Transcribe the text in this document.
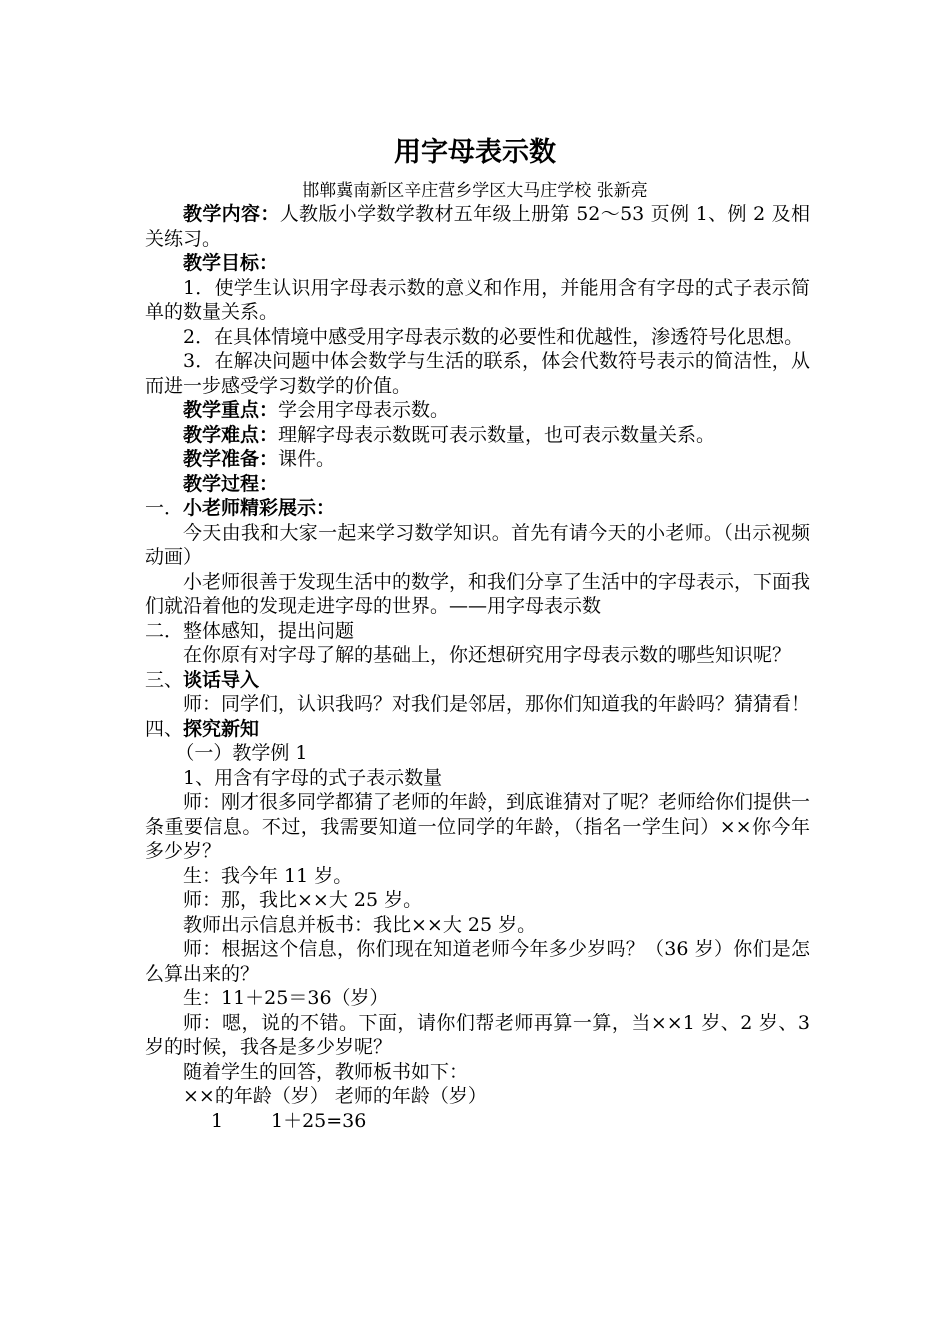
用字母表示数
邯郸冀南新区辛庄营乡学区大马庄学校 张新亮

教学内容：人教版小学数学教材五年级上册第 52～53 页例 1、例 2 及相关练习。

教学目标：

1．使学生认识用字母表示数的意义和作用，并能用含有字母的式子表示简单的数量关系。

2．在具体情境中感受用字母表示数的必要性和优越性，渗透符号化思想。

3．在解决问题中体会数学与生活的联系，体会代数符号表示的简洁性，从而进一步感受学习数学的价值。

教学重点：学会用字母表示数。

教学难点：理解字母表示数既可表示数量，也可表示数量关系。

教学准备：课件。

教学过程：

一．小老师精彩展示：

今天由我和大家一起来学习数学知识。首先有请今天的小老师。（出示视频动画）

小老师很善于发现生活中的数学，和我们分享了生活中的字母表示，下面我们就沿着他的发现走进字母的世界。——用字母表示数

二．整体感知，提出问题

在你原有对字母了解的基础上，你还想研究用字母表示数的哪些知识呢？

三、谈话导入

师：同学们，认识我吗？对我们是邻居，那你们知道我的年龄吗？猜猜看！

四、探究新知

（一）教学例 1

1、用含有字母的式子表示数量

师：刚才很多同学都猜了老师的年龄，到底谁猜对了呢？老师给你们提供一条重要信息。不过，我需要知道一位同学的年龄，（指名一学生问）××你今年多少岁？

生：我今年 11 岁。

师：那，我比××大 25 岁。

教师出示信息并板书：我比××大 25 岁。

师：根据这个信息，你们现在知道老师今年多少岁吗？（36 岁）你们是怎么算出来的？

生：11＋25＝36（岁）

师：嗯，说的不错。下面，请你们帮老师再算一算，当××1 岁、2 岁、3 岁的时候，我各是多少岁呢？

随着学生的回答，教师板书如下：

××的年龄（岁） 老师的年龄（岁）

1	1＋25=36
